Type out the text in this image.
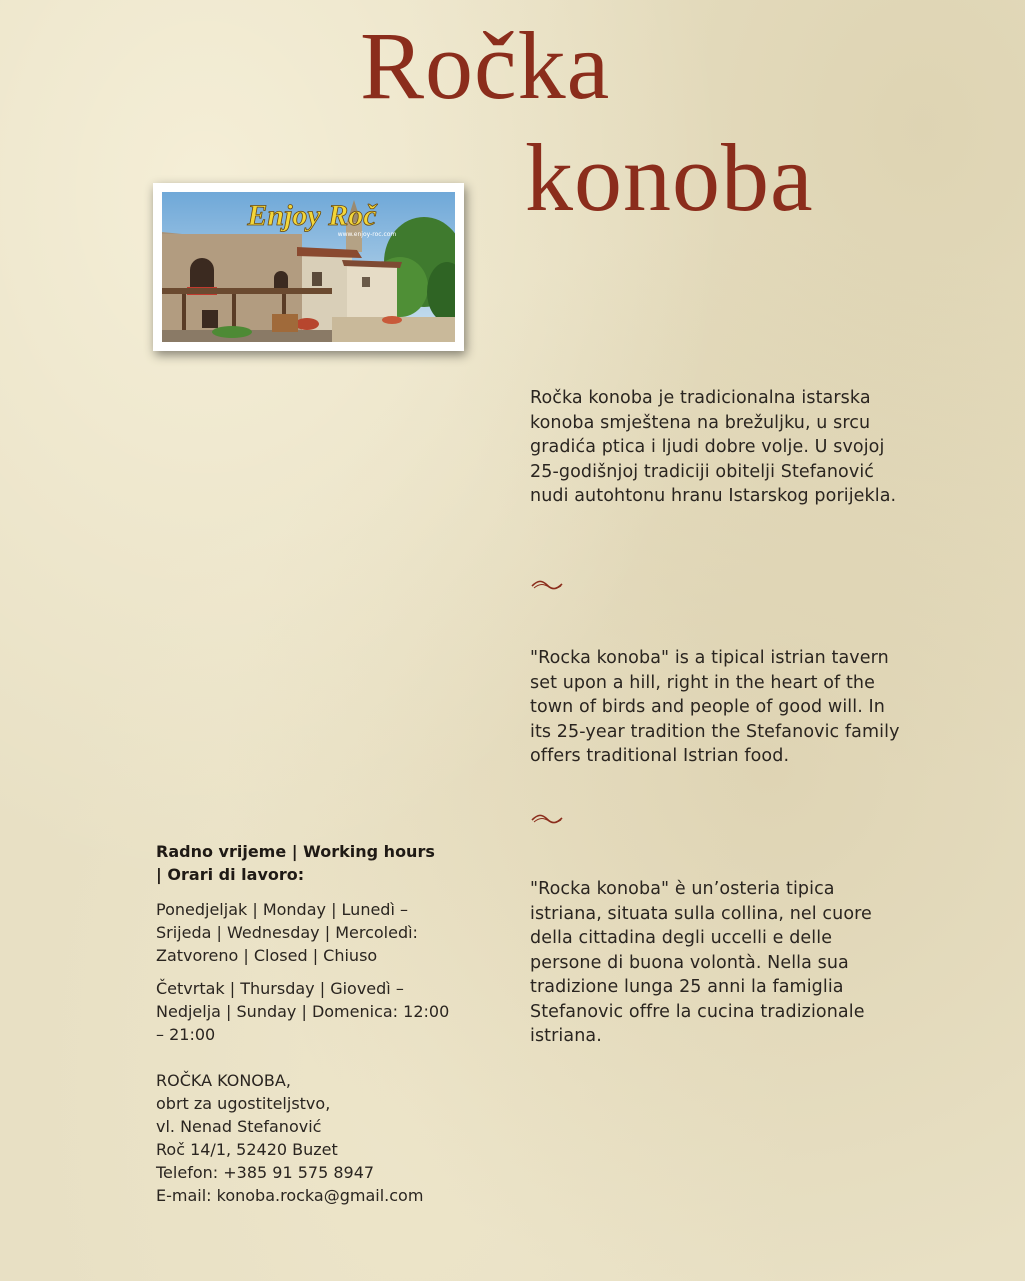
Ročka
konoba
Enjoy Roč
www.enjoy-roc.com

Ročka konoba je tradicionalna istarska konoba smještena na brežuljku, u srcu gradića ptica i ljudi dobre volje. U svojoj 25-godišnjoj tradiciji obitelji Stefanović nudi autohtonu hranu Istarskog porijekla.

"Rocka konoba" is a tipical istrian tavern set upon a hill, right in the heart of the town of birds and people of good will. In its 25-year tradition the Stefanovic family offers traditional Istrian food.

"Rocka konoba" è un’osteria tipica istriana, situata sulla collina, nel cuore della cittadina degli uccelli e delle persone di buona volontà. Nella sua tradizione lunga 25 anni la famiglia Stefanovic offre la cucina tradizionale istriana.

Radno vrijeme | Working hours | Orari di lavoro:

Ponedjeljak | Monday | Lunedì – Srijeda | Wednesday | Mercoledì: Zatvoreno | Closed | Chiuso

Četvrtak | Thursday | Giovedì – Nedjelja | Sunday | Domenica: 12:00 – 21:00

ROČKA KONOBA,
obrt za ugostiteljstvo,
vl. Nenad Stefanović
Roč 14/1, 52420 Buzet
Telefon: +385 91 575 8947
E-mail: konoba.rocka@gmail.com
